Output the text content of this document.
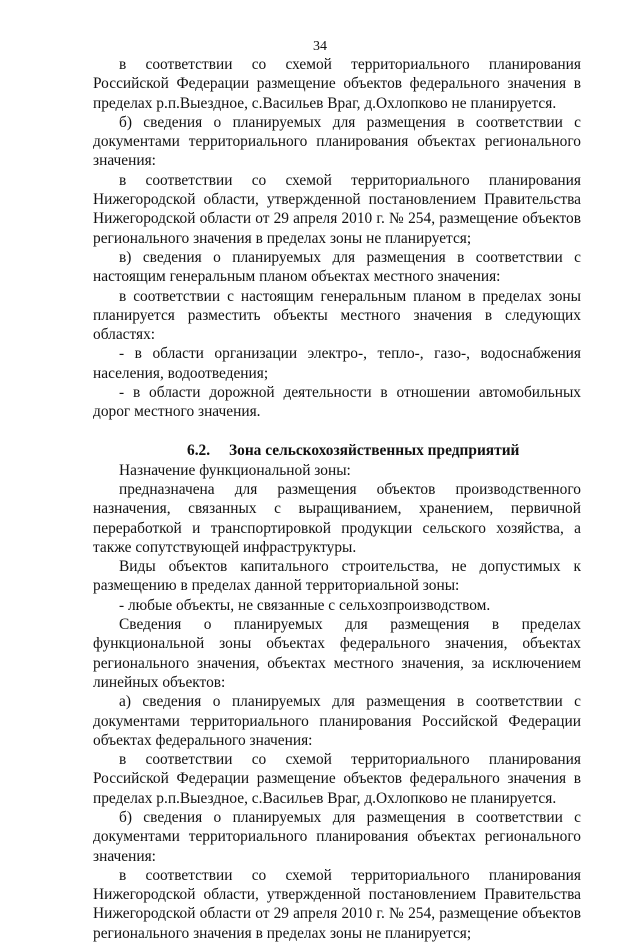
34

в соответствии со схемой территориального планирования Российской Федерации размещение объектов федерального значения в пределах р.п.Выездное, с.Васильев Враг, д.Охлопково не планируется.

б) сведения о планируемых для размещения в соответствии с документами территориального планирования объектах регионального значения:

в соответствии со схемой территориального планирования Нижегородской области, утвержденной постановлением Правительства Нижегородской области от 29 апреля 2010 г. № 254, размещение объектов регионального значения в пределах зоны не планируется;

в) сведения о планируемых для размещения в соответствии с настоящим генеральным планом объектах местного значения:

в соответствии с настоящим генеральным планом в пределах зоны планируется разместить объекты местного значения в следующих областях:

- в области организации электро-, тепло-, газо-, водоснабжения населения, водоотведения;

- в области дорожной деятельности в отношении автомобильных дорог местного значения.

6.2. Зона сельскохозяйственных предприятий

Назначение функциональной зоны:

предназначена для размещения объектов производственного назначения, связанных с выращиванием, хранением, первичной переработкой и транспортировкой продукции сельского хозяйства, а также сопутствующей инфраструктуры.

Виды объектов капитального строительства, не допустимых к размещению в пределах данной территориальной зоны:

- любые объекты, не связанные с сельхозпроизводством.

Сведения о планируемых для размещения в пределах функциональной зоны объектах федерального значения, объектах регионального значения, объектах местного значения, за исключением линейных объектов:

а) сведения о планируемых для размещения в соответствии с документами территориального планирования Российской Федерации объектах федерального значения:

в соответствии со схемой территориального планирования Российской Федерации размещение объектов федерального значения в пределах р.п.Выездное, с.Васильев Враг, д.Охлопково не планируется.

б) сведения о планируемых для размещения в соответствии с документами территориального планирования объектах регионального значения:

в соответствии со схемой территориального планирования Нижегородской области, утвержденной постановлением Правительства Нижегородской области от 29 апреля 2010 г. № 254, размещение объектов регионального значения в пределах зоны не планируется;
